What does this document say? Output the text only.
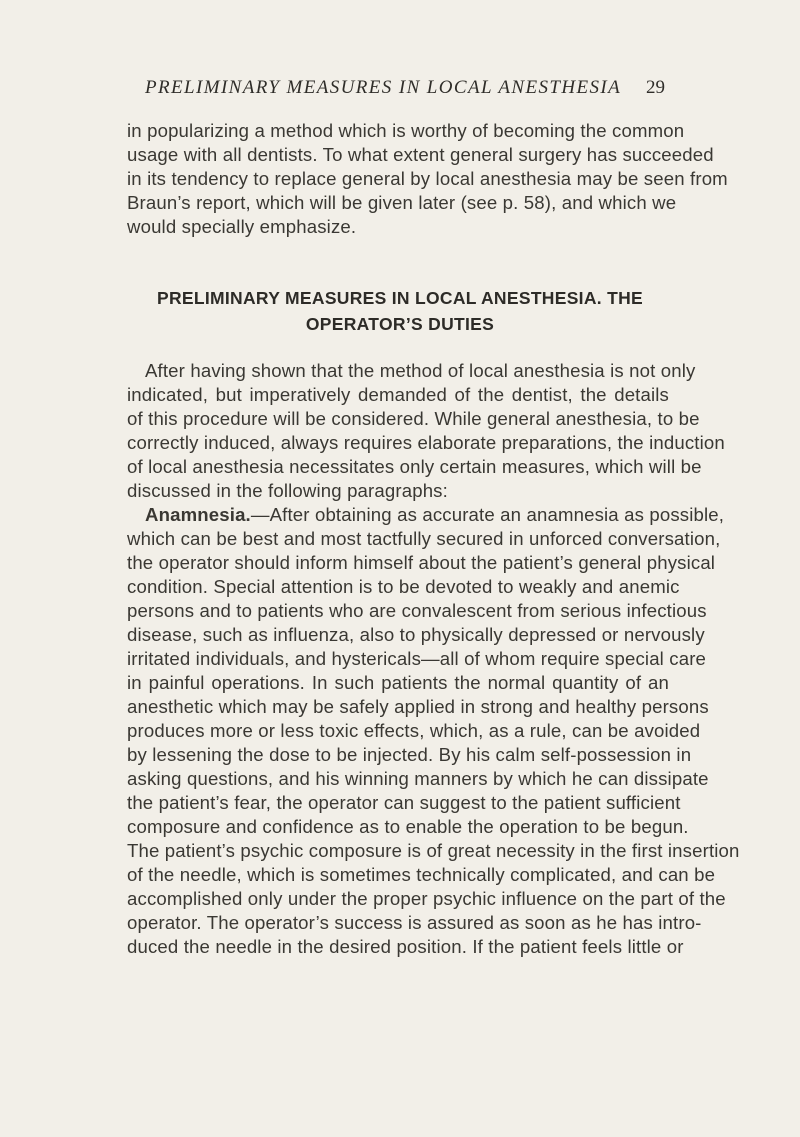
PRELIMINARY MEASURES IN LOCAL ANESTHESIA 29
in popularizing a method which is worthy of becoming the common
usage with all dentists. To what extent general surgery has succeeded
in its tendency to replace general by local anesthesia may be seen from
Braun’s report, which will be given later (see p. 58), and which we
would specially emphasize.
PRELIMINARY MEASURES IN LOCAL ANESTHESIA. THE
OPERATOR’S DUTIES
After having shown that the method of local anesthesia is not only
indicated, but imperatively demanded of the dentist, the details
of this procedure will be considered. While general anesthesia, to be
correctly induced, always requires elaborate preparations, the induction
of local anesthesia necessitates only certain measures, which will be
discussed in the following paragraphs:
Anamnesia.—After obtaining as accurate an anamnesia as possible,
which can be best and most tactfully secured in unforced conversation,
the operator should inform himself about the patient’s general physical
condition. Special attention is to be devoted to weakly and anemic
persons and to patients who are convalescent from serious infectious
disease, such as influenza, also to physically depressed or nervously
irritated individuals, and hystericals—all of whom require special care
in painful operations. In such patients the normal quantity of an
anesthetic which may be safely applied in strong and healthy persons
produces more or less toxic effects, which, as a rule, can be avoided
by lessening the dose to be injected. By his calm self-possession in
asking questions, and his winning manners by which he can dissipate
the patient’s fear, the operator can suggest to the patient sufficient
composure and confidence as to enable the operation to be begun.
The patient’s psychic composure is of great necessity in the first insertion
of the needle, which is sometimes technically complicated, and can be
accomplished only under the proper psychic influence on the part of the
operator. The operator’s success is assured as soon as he has intro-
duced the needle in the desired position. If the patient feels little or
